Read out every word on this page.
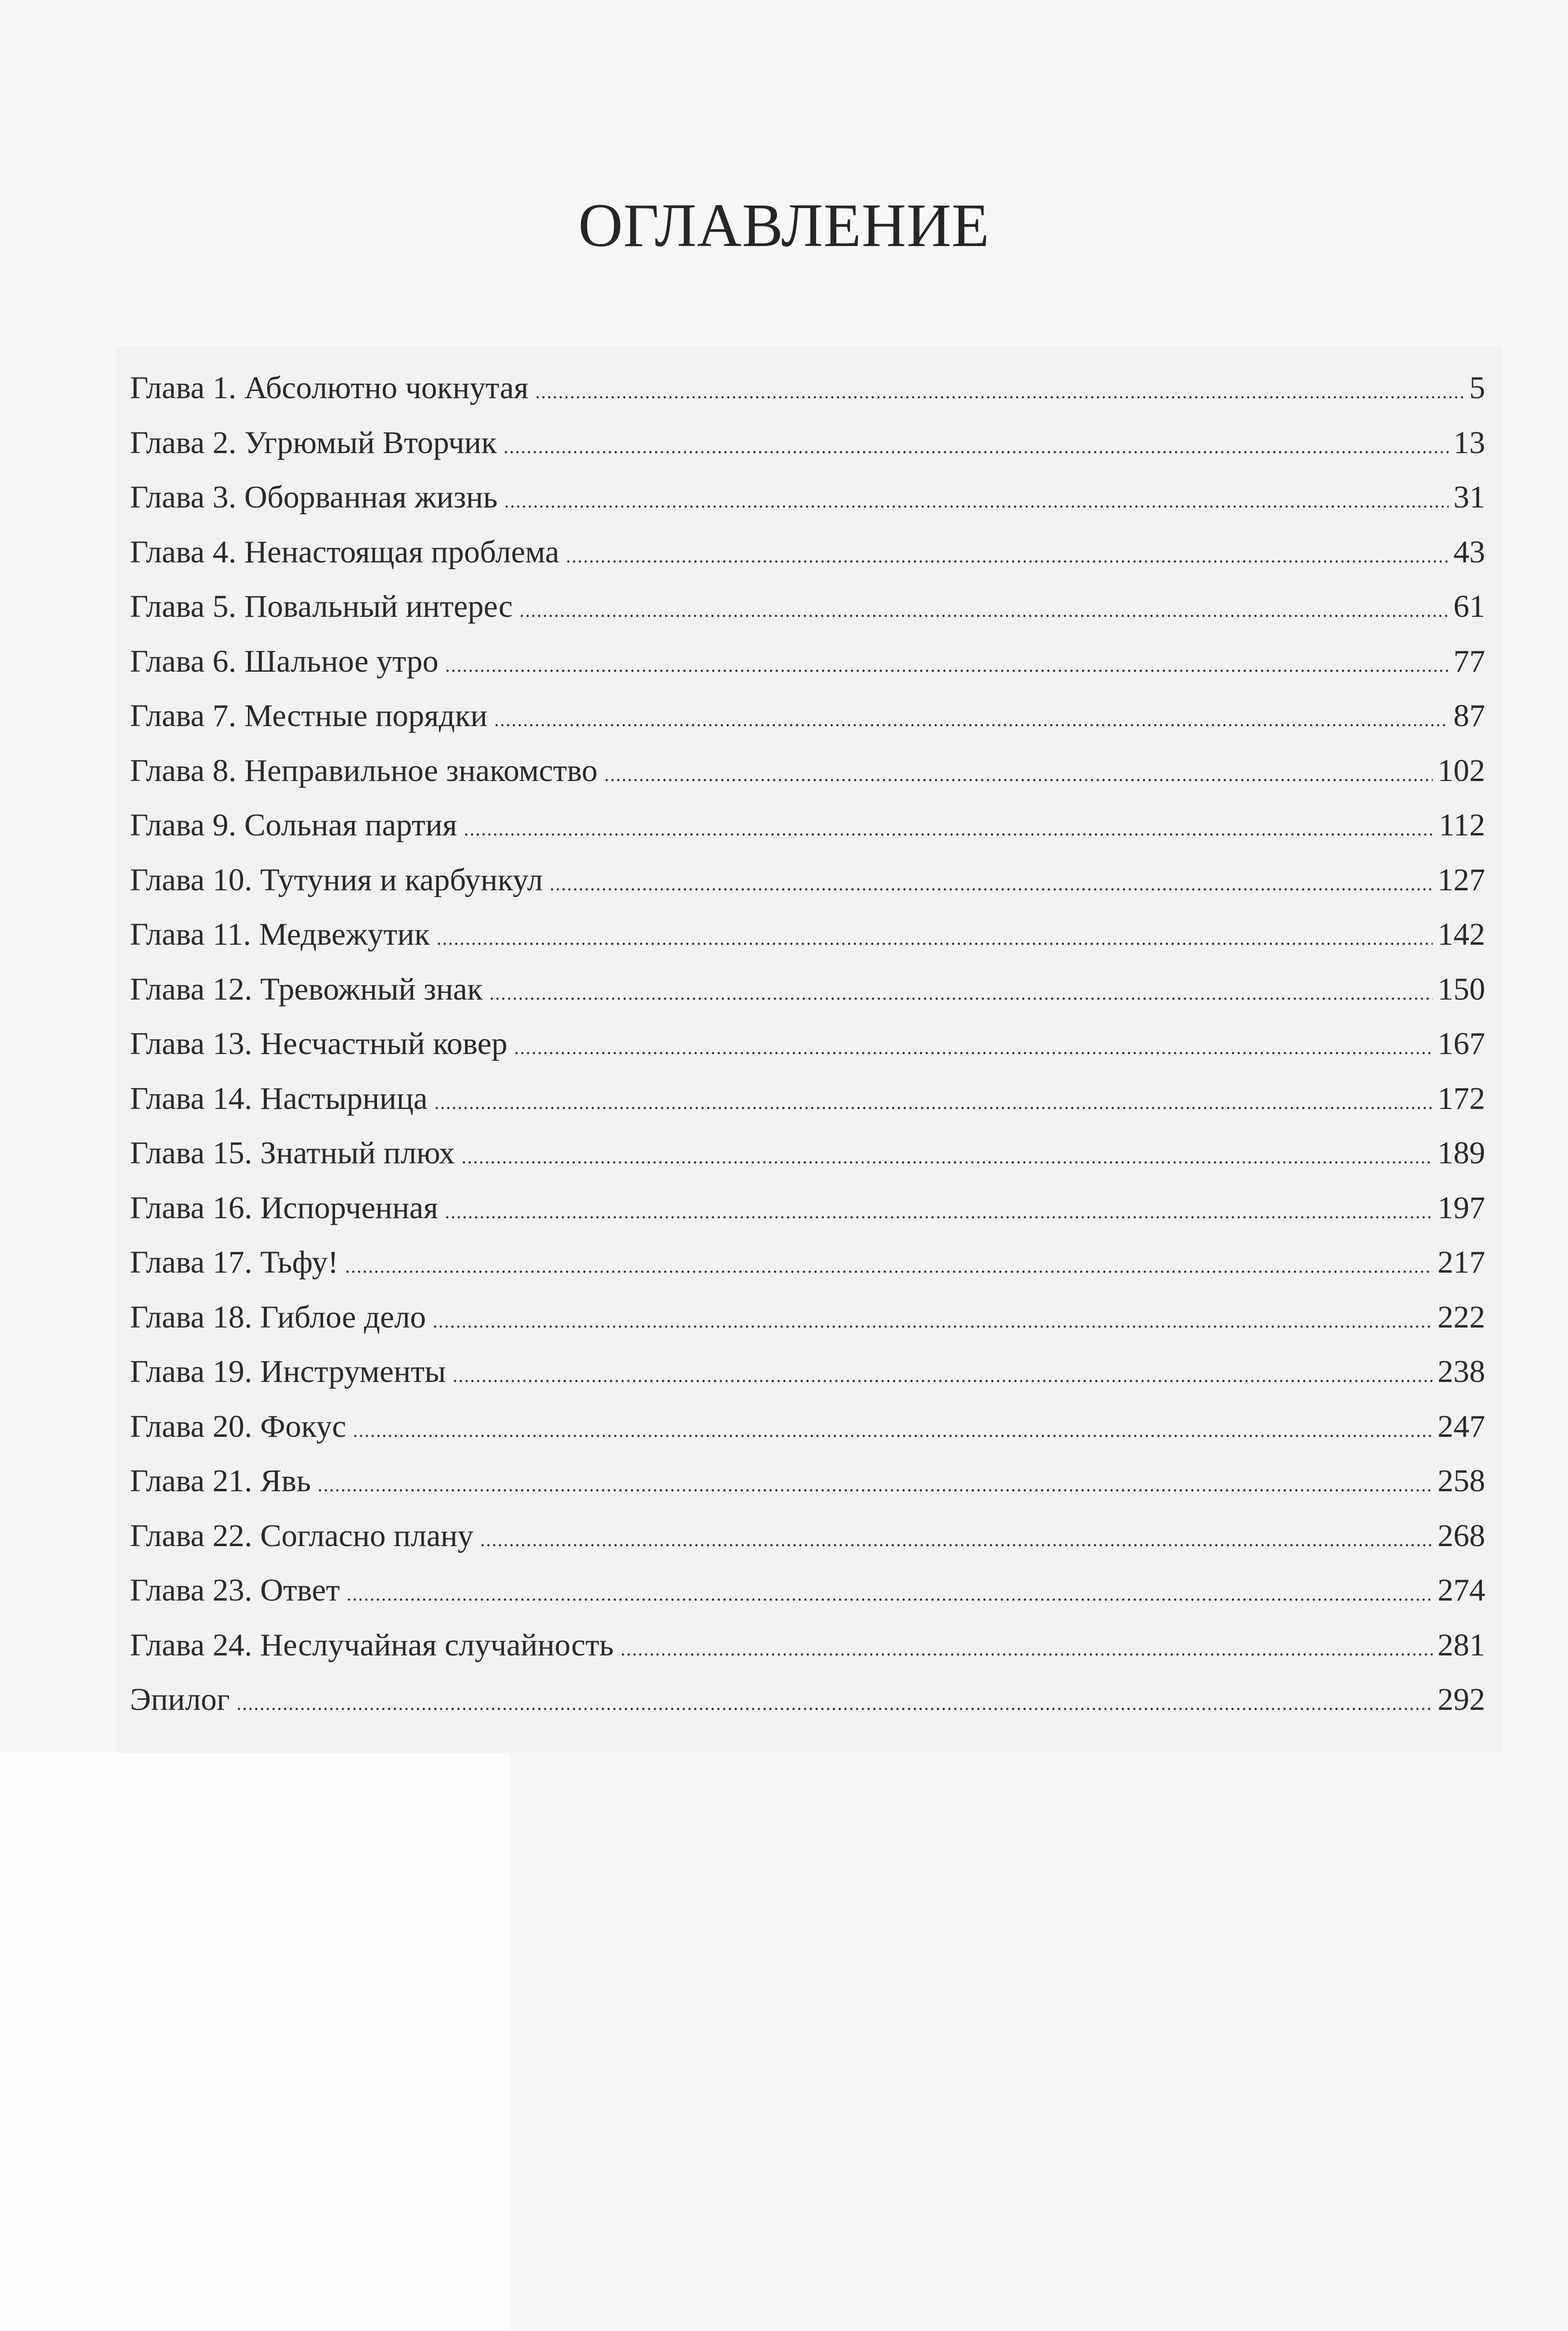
ОГЛАВЛЕНИЕ
Глава 1. Абсолютно чокнутая .....	5
Глава 2. Угрюмый Вторчик .....	13
Глава 3. Оборванная жизнь .....	31
Глава 4. Ненастоящая проблема .....	43
Глава 5. Повальный интерес .....	61
Глава 6. Шальное утро .....	77
Глава 7. Местные порядки .....	87
Глава 8. Неправильное знакомство .....	102
Глава 9. Сольная партия .....	112
Глава 10. Тутуния и карбункул .....	127
Глава 11. Медвежутик .....	142
Глава 12. Тревожный знак .....	150
Глава 13. Несчастный ковер .....	167
Глава 14. Настырница .....	172
Глава 15. Знатный плюх .....	189
Глава 16. Испорченная .....	197
Глава 17. Тьфу! .....	217
Глава 18. Гиблое дело .....	222
Глава 19. Инструменты .....	238
Глава 20. Фокус .....	247
Глава 21. Явь .....	258
Глава 22. Согласно плану .....	268
Глава 23. Ответ .....	274
Глава 24. Неслучайная случайность .....	281
Эпилог .....	292
